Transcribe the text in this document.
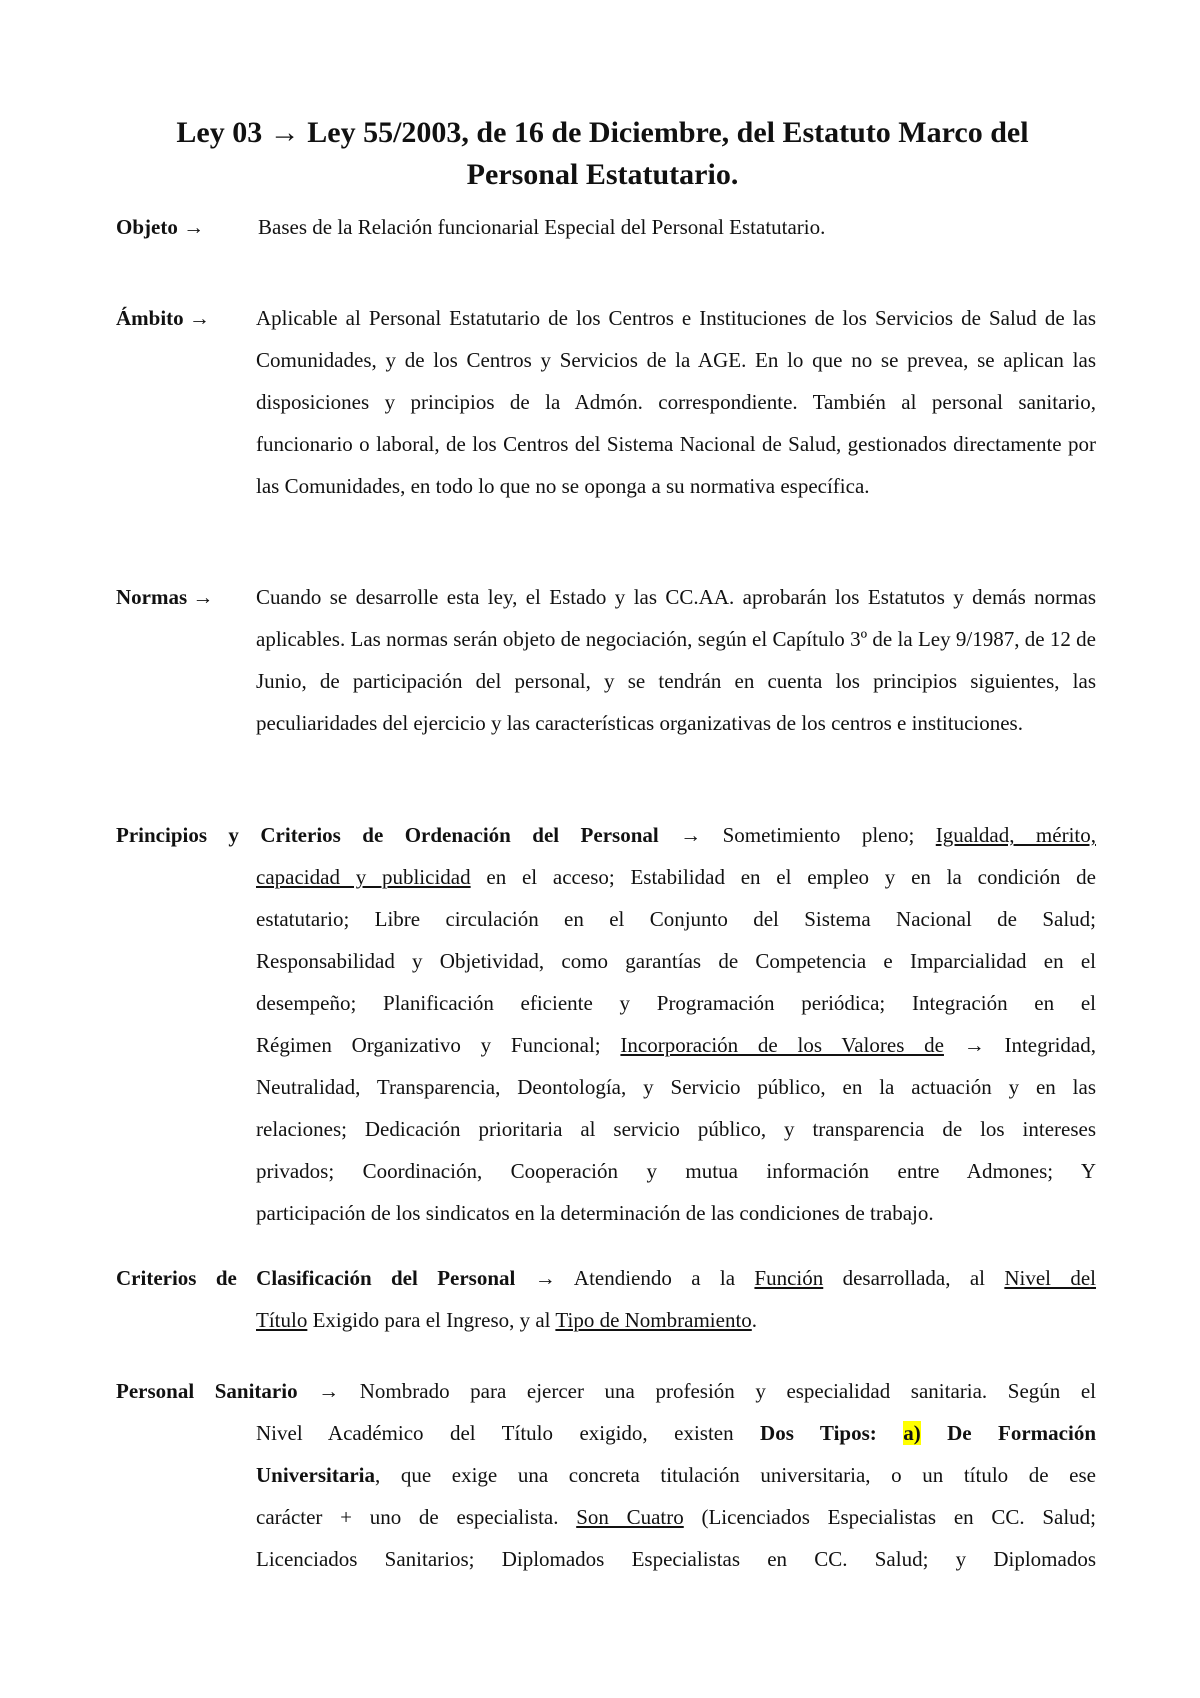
Ley 03 → Ley 55/2003, de 16 de Diciembre, del Estatuto Marco del
Personal Estatutario.
Objeto →	Bases de la Relación funcionarial Especial del Personal Estatutario.
Ámbito → Aplicable al Personal Estatutario de los Centros e Instituciones de los Servicios de Salud de las Comunidades, y de los Centros y Servicios de la AGE. En lo que no se prevea, se aplican las disposiciones y principios de la Admón. correspondiente. También al personal sanitario, funcionario o laboral, de los Centros del Sistema Nacional de Salud, gestionados directamente por las Comunidades, en todo lo que no se oponga a su normativa específica.
Normas → Cuando se desarrolle esta ley, el Estado y las CC.AA. aprobarán los Estatutos y demás normas aplicables. Las normas serán objeto de negociación, según el Capítulo 3º de la Ley 9/1987, de 12 de Junio, de participación del personal, y se tendrán en cuenta los principios siguientes, las peculiaridades del ejercicio y las características organizativas de los centros e instituciones.
Principios y Criterios de Ordenación del Personal → Sometimiento pleno; Igualdad, mérito,
capacidad y publicidad en el acceso; Estabilidad en el empleo y en la condición de
estatutario; Libre circulación en el Conjunto del Sistema Nacional de Salud;
Responsabilidad y Objetividad, como garantías de Competencia e Imparcialidad en el
desempeño; Planificación eficiente y Programación periódica; Integración en el
Régimen Organizativo y Funcional; Incorporación de los Valores de → Integridad,
Neutralidad, Transparencia, Deontología, y Servicio público, en la actuación y en las
relaciones; Dedicación prioritaria al servicio público, y transparencia de los intereses
privados; Coordinación, Cooperación y mutua información entre Admones; Y
participación de los sindicatos en la determinación de las condiciones de trabajo.
Criterios de Clasificación del Personal → Atendiendo a la Función desarrollada, al Nivel del
Título Exigido para el Ingreso, y al Tipo de Nombramiento.
Personal Sanitario → Nombrado para ejercer una profesión y especialidad sanitaria. Según el
Nivel Académico del Título exigido, existen Dos Tipos: a) De Formación
Universitaria, que exige una concreta titulación universitaria, o un título de ese
carácter + uno de especialista. Son Cuatro (Licenciados Especialistas en CC. Salud;
Licenciados Sanitarios; Diplomados Especialistas en CC. Salud; y Diplomados
